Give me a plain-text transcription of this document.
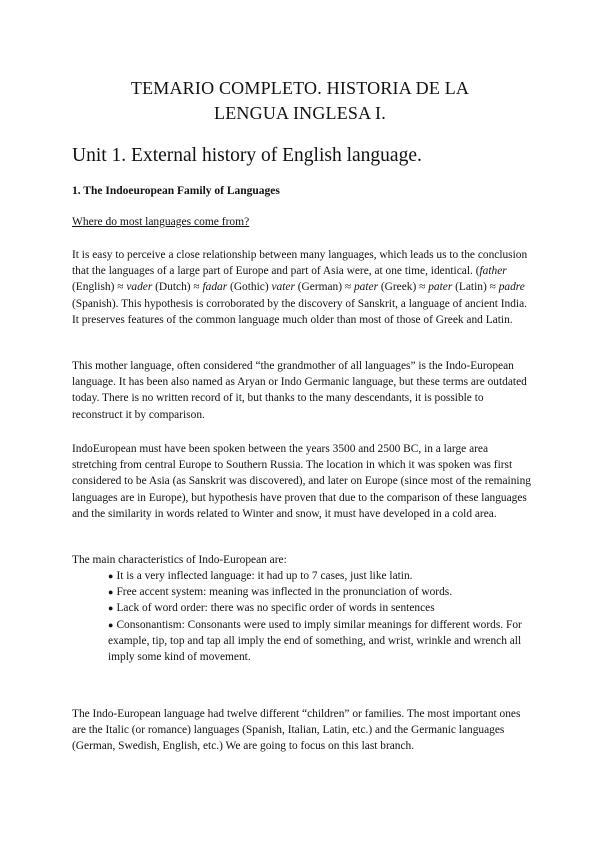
TEMARIO COMPLETO. HISTORIA DE LA
LENGUA INGLESA I.
Unit 1. External history of English language.
1. The Indoeuropean Family of Languages
Where do most languages come from?

It is easy to perceive a close relationship between many languages, which leads us to the conclusion that the languages of a large part of Europe and part of Asia were, at one time, identical. (father (English) ≈ vader (Dutch) ≈ fadar (Gothic) vater (German) ≈ pater (Greek) ≈ pater (Latin) ≈ padre (Spanish). This hypothesis is corroborated by the discovery of Sanskrit, a language of ancient India. It preserves features of the common language much older than most of those of Greek and Latin.

This mother language, often considered “the grandmother of all languages” is the Indo-European language. It has been also named as Aryan or Indo Germanic language, but these terms are outdated today. There is no written record of it, but thanks to the many descendants, it is possible to reconstruct it by comparison.

IndoEuropean must have been spoken between the years 3500 and 2500 BC, in a large area stretching from central Europe to Southern Russia. The location in which it was spoken was first considered to be Asia (as Sanskrit was discovered), and later on Europe (since most of the remaining languages are in Europe), but hypothesis have proven that due to the comparison of these languages and the similarity in words related to Winter and snow, it must have developed in a cold area.

The main characteristics of Indo-European are:

● It is a very inflected language: it had up to 7 cases, just like latin.
● Free accent system: meaning was inflected in the pronunciation of words.
● Lack of word order: there was no specific order of words in sentences
● Consonantism: Consonants were used to imply similar meanings for different words. For example, tip, top and tap all imply the end of something, and wrist, wrinkle and wrench all imply some kind of movement.

The Indo-European language had twelve different “children” or families. The most important ones are the Italic (or romance) languages (Spanish, Italian, Latin, etc.) and the Germanic languages (German, Swedish, English, etc.) We are going to focus on this last branch.
